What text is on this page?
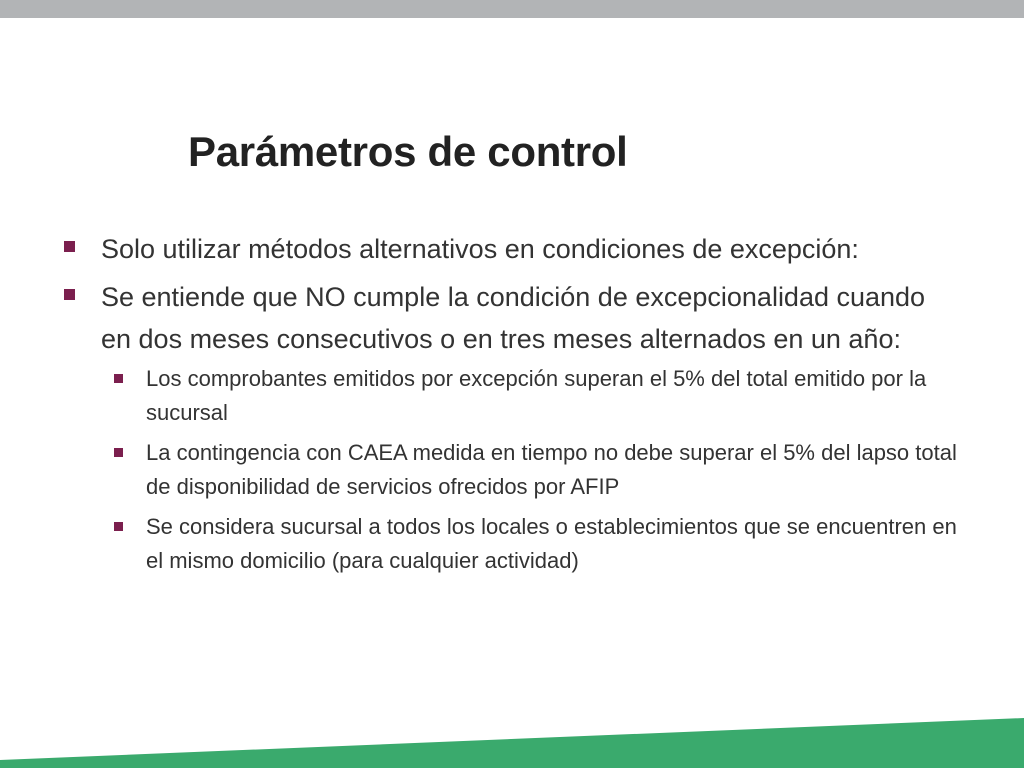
Parámetros de control
Solo utilizar métodos alternativos en condiciones de excepción:
Se entiende que NO cumple la condición de excepcionalidad cuando en dos meses consecutivos o en tres meses alternados en un año:
Los comprobantes emitidos por excepción superan el 5% del total emitido por la sucursal
La contingencia con CAEA medida en tiempo no debe superar el 5% del lapso total de disponibilidad de servicios ofrecidos por AFIP
Se considera sucursal a todos los locales o establecimientos que se encuentren en el mismo domicilio (para cualquier actividad)
